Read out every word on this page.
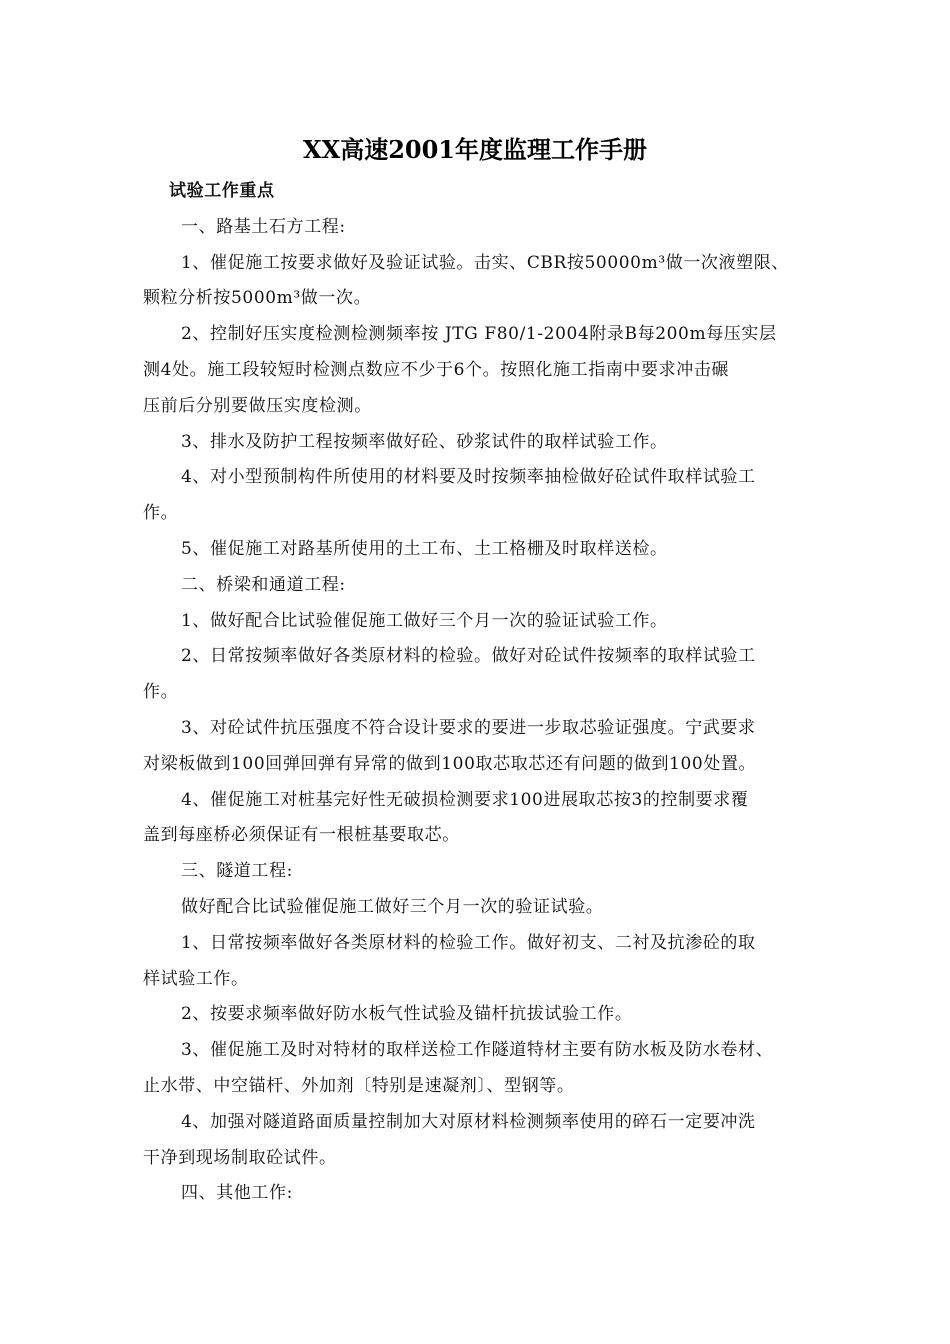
XX高速2001年度监理工作手册
试验工作重点
一、路基土石方工程:
1、催促施工按要求做好及验证试验。击实、CBR按50000m³做一次液塑限、
颗粒分析按5000m³做一次。
2、控制好压实度检测检测频率按 JTG F80/1-2004附录B每200m每压实层
测4处。施工段较短时检测点数应不少于6个。按照化施工指南中要求冲击碾
压前后分别要做压实度检测。
3、排水及防护工程按频率做好砼、砂浆试件的取样试验工作。
4、对小型预制构件所使用的材料要及时按频率抽检做好砼试件取样试验工
作。
5、催促施工对路基所使用的土工布、土工格栅及时取样送检。
二、桥梁和通道工程:
1、做好配合比试验催促施工做好三个月一次的验证试验工作。
2、日常按频率做好各类原材料的检验。做好对砼试件按频率的取样试验工
作。
3、对砼试件抗压强度不符合设计要求的要进一步取芯验证强度。宁武要求
对梁板做到100回弹回弹有异常的做到100取芯取芯还有问题的做到100处置。
4、催促施工对桩基完好性无破损检测要求100进展取芯按3的控制要求覆
盖到每座桥必须保证有一根桩基要取芯。
三、隧道工程:
做好配合比试验催促施工做好三个月一次的验证试验。
1、日常按频率做好各类原材料的检验工作。做好初支、二衬及抗渗砼的取
样试验工作。
2、按要求频率做好防水板气性试验及锚杆抗拔试验工作。
3、催促施工及时对特材的取样送检工作隧道特材主要有防水板及防水卷材、
止水带、中空锚杆、外加剂〔特别是速凝剂〕、型钢等。
4、加强对隧道路面质量控制加大对原材料检测频率使用的碎石一定要冲洗
干净到现场制取砼试件。
四、其他工作:
